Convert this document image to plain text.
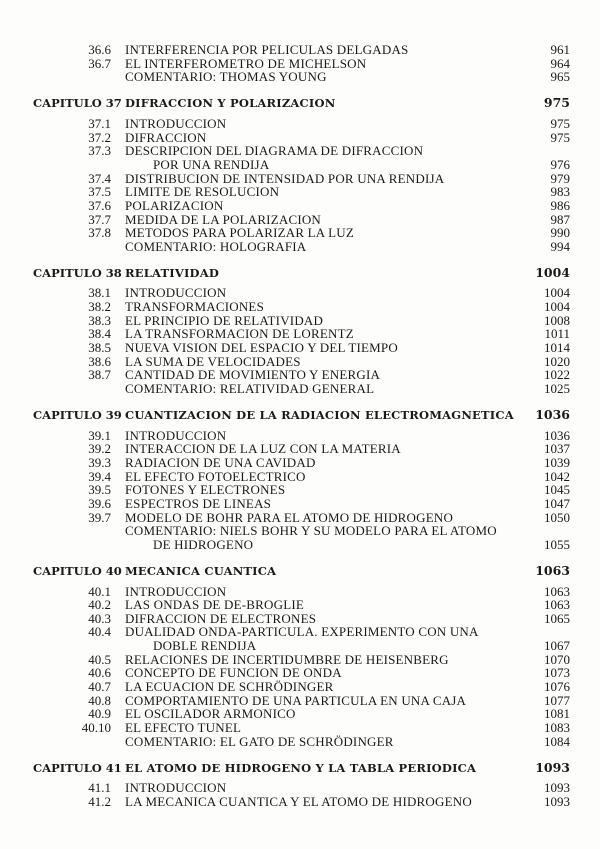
36.6 INTERFERENCIA POR PELICULAS DELGADAS	961
36.7 EL INTERFEROMETRO DE MICHELSON	964
COMENTARIO: THOMAS YOUNG	965
CAPITULO 37 DIFRACCION Y POLARIZACION	975
37.1 INTRODUCCION	975
37.2 DIFRACCION	975
37.3 DESCRIPCION DEL DIAGRAMA DE DIFRACCION
POR UNA RENDIJA	976
37.4 DISTRIBUCION DE INTENSIDAD POR UNA RENDIJA	979
37.5 LIMITE DE RESOLUCION	983
37.6 POLARIZACION	986
37.7 MEDIDA DE LA POLARIZACION	987
37.8 METODOS PARA POLARIZAR LA LUZ	990
COMENTARIO: HOLOGRAFIA	994
CAPITULO 38 RELATIVIDAD	1004
38.1 INTRODUCCION	1004
38.2 TRANSFORMACIONES	1004
38.3 EL PRINCIPIO DE RELATIVIDAD	1008
38.4 LA TRANSFORMACION DE LORENTZ	1011
38.5 NUEVA VISION DEL ESPACIO Y DEL TIEMPO	1014
38.6 LA SUMA DE VELOCIDADES	1020
38.7 CANTIDAD DE MOVIMIENTO Y ENERGIA	1022
COMENTARIO: RELATIVIDAD GENERAL	1025
CAPITULO 39 CUANTIZACION DE LA RADIACION ELECTROMAGNETICA 1036
39.1 INTRODUCCION	1036
39.2 INTERACCION DE LA LUZ CON LA MATERIA	1037
39.3 RADIACION DE UNA CAVIDAD	1039
39.4 EL EFECTO FOTOELECTRICO	1042
39.5 FOTONES Y ELECTRONES	1045
39.6 ESPECTROS DE LINEAS	1047
39.7 MODELO DE BOHR PARA EL ATOMO DE HIDROGENO	1050
COMENTARIO: NIELS BOHR Y SU MODELO PARA EL ATOMO
DE HIDROGENO	1055
CAPITULO 40 MECANICA CUANTICA	1063
40.1 INTRODUCCION	1063
40.2 LAS ONDAS DE DE-BROGLIE	1063
40.3 DIFRACCION DE ELECTRONES	1065
40.4 DUALIDAD ONDA-PARTICULA. EXPERIMENTO CON UNA
DOBLE RENDIJA	1067
40.5 RELACIONES DE INCERTIDUMBRE DE HEISENBERG	1070
40.6 CONCEPTO DE FUNCION DE ONDA	1073
40.7 LA ECUACION DE SCHRÖDINGER	1076
40.8 COMPORTAMIENTO DE UNA PARTICULA EN UNA CAJA	1077
40.9 EL OSCILADOR ARMONICO	1081
40.10 EL EFECTO TUNEL	1083
COMENTARIO: EL GATO DE SCHRÖDINGER	1084
CAPITULO 41 EL ATOMO DE HIDROGENO Y LA TABLA PERIODICA	1093
41.1 INTRODUCCION	1093
41.2 LA MECANICA CUANTICA Y EL ATOMO DE HIDROGENO	1093
